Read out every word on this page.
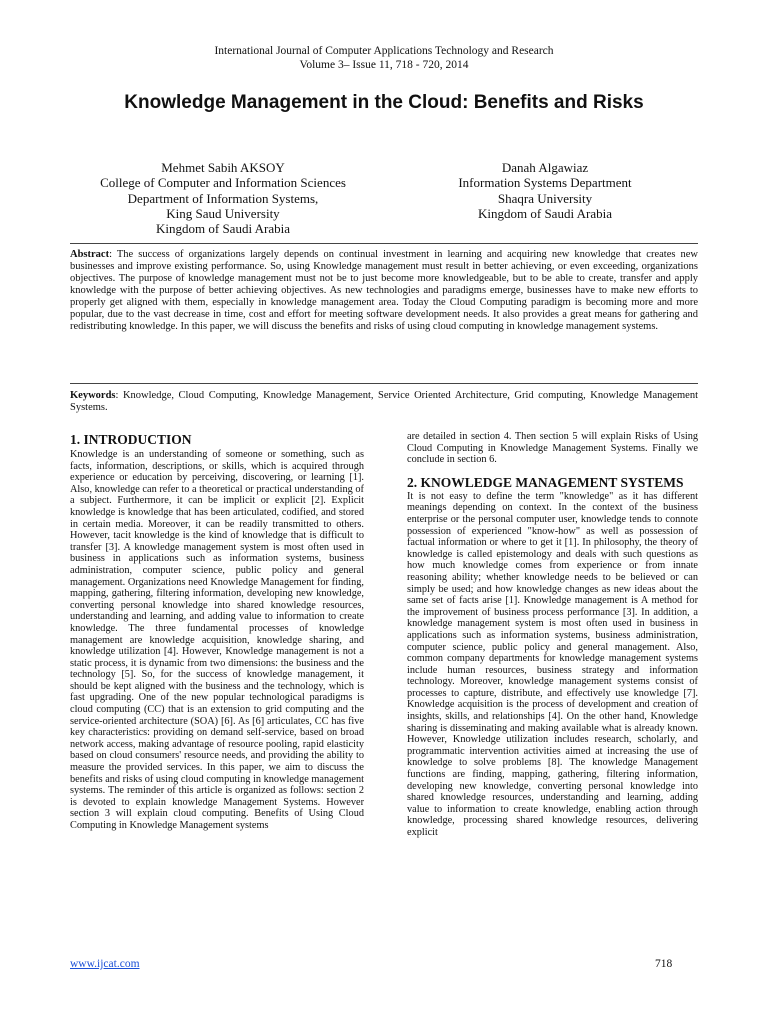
International Journal of Computer Applications Technology and Research
Volume 3– Issue 11, 718 - 720, 2014
Knowledge Management in the Cloud: Benefits and Risks
Mehmet Sabih AKSOY
College of Computer and Information Sciences
Department of Information Systems,
King Saud University
Kingdom of Saudi Arabia
Danah Algawiaz
Information Systems Department
Shaqra University
Kingdom of Saudi Arabia
Abstract: The success of organizations largely depends on continual investment in learning and acquiring new knowledge that creates new businesses and improve existing performance. So, using Knowledge management must result in better achieving, or even exceeding, organizations objectives. The purpose of knowledge management must not be to just become more knowledgeable, but to be able to create, transfer and apply knowledge with the purpose of better achieving objectives. As new technologies and paradigms emerge, businesses have to make new efforts to properly get aligned with them, especially in knowledge management area. Today the Cloud Computing paradigm is becoming more and more popular, due to the vast decrease in time, cost and effort for meeting software development needs. It also provides a great means for gathering and redistributing knowledge. In this paper, we will discuss the benefits and risks of using cloud computing in knowledge management systems.
Keywords: Knowledge, Cloud Computing, Knowledge Management, Service Oriented Architecture, Grid computing, Knowledge Management Systems.
1. INTRODUCTION

Knowledge is an understanding of someone or something, such as facts, information, descriptions, or skills, which is acquired through experience or education by perceiving, discovering, or learning [1]. Also, knowledge can refer to a theoretical or practical understanding of a subject. Furthermore, it can be implicit or explicit [2]. Explicit knowledge is knowledge that has been articulated, codified, and stored in certain media. Moreover, it can be readily transmitted to others. However, tacit knowledge is the kind of knowledge that is difficult to transfer [3]. A knowledge management system is most often used in business in applications such as information systems, business administration, computer science, public policy and general management. Organizations need Knowledge Management for finding, mapping, gathering, filtering information, developing new knowledge, converting personal knowledge into shared knowledge resources, understanding and learning, and adding value to information to create knowledge. The three fundamental processes of knowledge management are knowledge acquisition, knowledge sharing, and knowledge utilization [4]. However, Knowledge management is not a static process, it is dynamic from two dimensions: the business and the technology [5]. So, for the success of knowledge management, it should be kept aligned with the business and the technology, which is fast upgrading. One of the new popular technological paradigms is cloud computing (CC) that is an extension to grid computing and the service-oriented architecture (SOA) [6]. As [6] articulates, CC has five key characteristics: providing on demand self-service, based on broad network access, making advantage of resource pooling, rapid elasticity based on cloud consumers' resource needs, and providing the ability to measure the provided services. In this paper, we aim to discuss the benefits and risks of using cloud computing in knowledge management systems. The reminder of this article is organized as follows: section 2 is devoted to explain knowledge Management Systems. However section 3 will explain cloud computing. Benefits of Using Cloud Computing in Knowledge Management systems

are detailed in section 4. Then section 5 will explain Risks of Using Cloud Computing in Knowledge Management Systems. Finally we conclude in section 6.

2. KNOWLEDGE MANAGEMENT SYSTEMS

It is not easy to define the term "knowledge" as it has different meanings depending on context. In the context of the business enterprise or the personal computer user, knowledge tends to connote possession of experienced "know-how" as well as possession of factual information or where to get it [1]. In philosophy, the theory of knowledge is called epistemology and deals with such questions as how much knowledge comes from experience or from innate reasoning ability; whether knowledge needs to be believed or can simply be used; and how knowledge changes as new ideas about the same set of facts arise [1]. Knowledge management is A method for the improvement of business process performance [3]. In addition, a knowledge management system is most often used in business in applications such as information systems, business administration, computer science, public policy and general management. Also, common company departments for knowledge management systems include human resources, business strategy and information technology. Moreover, knowledge management systems consist of processes to capture, distribute, and effectively use knowledge [7]. Knowledge acquisition is the process of development and creation of insights, skills, and relationships [4]. On the other hand, Knowledge sharing is disseminating and making available what is already known. However, Knowledge utilization includes research, scholarly, and programmatic intervention activities aimed at increasing the use of knowledge to solve problems [8]. The knowledge Management functions are finding, mapping, gathering, filtering information, developing new knowledge, converting personal knowledge into shared knowledge resources, understanding and learning, adding value to information to create knowledge, enabling action through knowledge, processing shared knowledge resources, delivering explicit

www.ijcat.com	718
